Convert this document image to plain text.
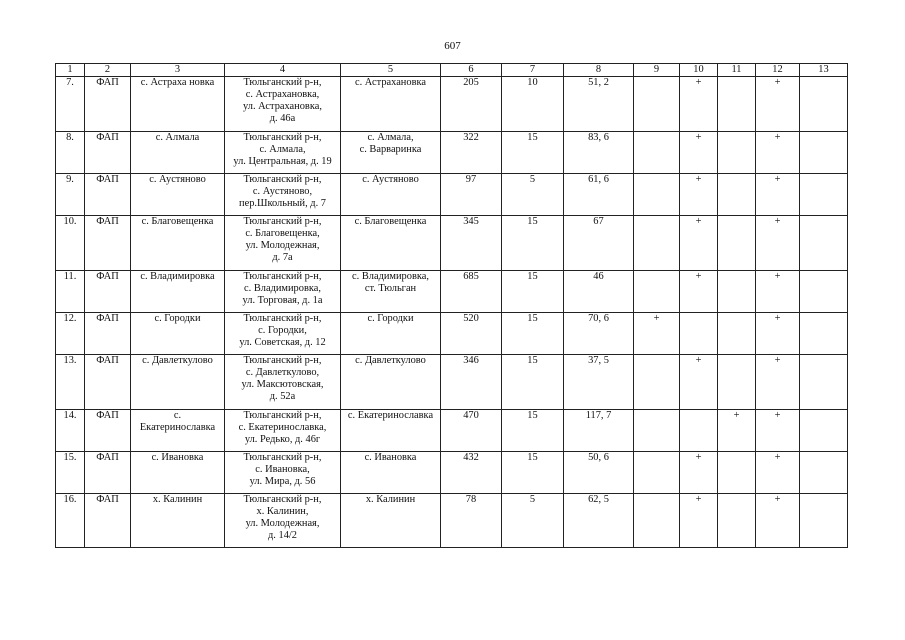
607
1	2	3	4	5	6	7	8	9	10	11	12	13
7.	ФАП	с. Астраха новка	Тюльганский р-н,
с. Астрахановка,
ул. Астрахановка,
д. 46а	с. Астрахановка	205	10	51, 2		+		+	
8.	ФАП	с. Алмала	Тюльганский р-н,
с. Алмала,
ул. Центральная, д. 19	с. Алмала,
с. Варваринка	322	15	83, 6		+		+	
9.	ФАП	с. Аустяново	Тюльганский р-н,
с. Аустяново,
пер.Школьный, д. 7	с. Аустяново	97	5	61, 6		+		+	
10.	ФАП	с. Благовещенка	Тюльганский р-н,
с. Благовещенка,
ул. Молодежная,
д. 7а	с. Благовещенка	345	15	67		+		+	
11.	ФАП	с. Владимировка	Тюльганский р-н,
с. Владимировка,
ул. Торговая, д. 1а	с. Владимировка,
ст. Тюльган	685	15	46		+		+	
12.	ФАП	с. Городки	Тюльганский р-н,
с. Городки,
ул. Советская, д. 12	с. Городки	520	15	70, 6	+			+	
13.	ФАП	с. Давлеткулово	Тюльганский р-н,
с. Давлеткулово,
ул. Максютовская,
д. 52а	с. Давлеткулово	346	15	37, 5		+		+	
14.	ФАП	с.
Екатеринославка	Тюльганский р-н,
с. Екатеринославка,
ул. Редько, д. 46г	с. Екатеринославка	470	15	117, 7			+	+	
15.	ФАП	с. Ивановка	Тюльганский р-н,
с. Ивановка,
ул. Мира, д. 56	с. Ивановка	432	15	50, 6		+		+	
16.	ФАП	х. Калинин	Тюльганский р-н,
х. Калинин,
ул. Молодежная,
д. 14/2	х. Калинин	78	5	62, 5		+		+	
